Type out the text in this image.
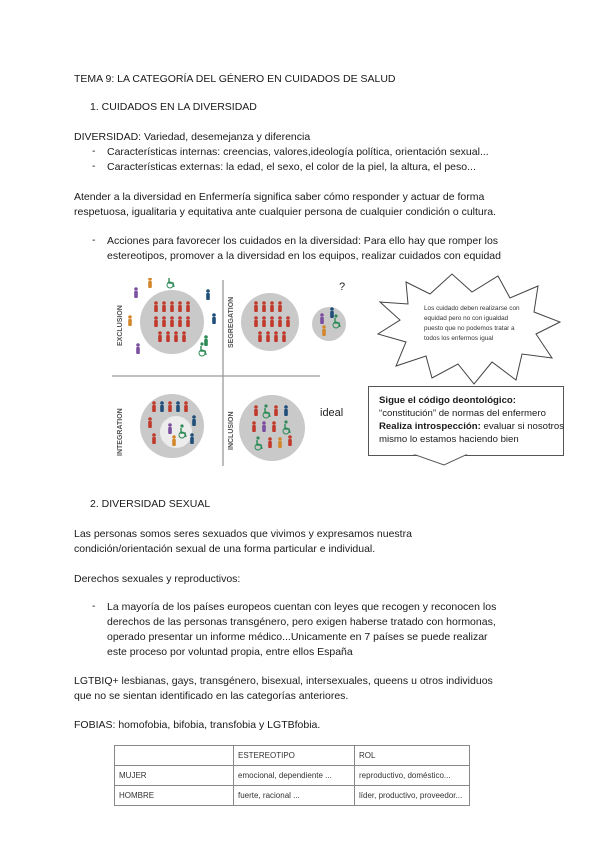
TEMA 9: LA CATEGORÍA DEL GÉNERO EN CUIDADOS DE SALUD
1. CUIDADOS EN LA DIVERSIDAD
DIVERSIDAD: Variedad, desemejanza y diferencia
- Características internas: creencias, valores,ideología política, orientación sexual...
- Características externas: la edad, el sexo, el color de la piel, la altura, el peso...
Atender a la diversidad en Enfermería significa saber cómo responder y actuar de forma
respetuosa, igualitaria y equitativa ante cualquier persona de cualquier condición o cultura.
- Acciones para favorecer los cuidados en la diversidad: Para ello hay que romper los
estereotipos, promover a la diversidad en los equipos, realizar cuidados con equidad
EXCLUSION	SEGREGATION
INTEGRATION	INCLUSION
?
ideal
Los cuidado deben realizarse con
equidad pero no con igualdad
puesto que no podemos tratar a
todos los enfermos igual
Sigue el código deontológico:
“constitución” de normas del enfermero
Realiza introspección: evaluar si nosotros
mismo lo estamos haciendo bien
2. DIVERSIDAD SEXUAL
Las personas somos seres sexuados que vivimos y expresamos nuestra
condición/orientación sexual de una forma particular e individual.
Derechos sexuales y reproductivos:
- La mayoría de los países europeos cuentan con leyes que recogen y reconocen los
derechos de las personas transgénero, pero exigen haberse tratado con hormonas,
operado presentar un informe médico...Unicamente en 7 países se puede realizar
este proceso por voluntad propia, entre ellos España
LGTBIQ+ lesbianas, gays, transgénero, bisexual, intersexuales, queens u otros individuos
que no se sientan identificado en las categorías anteriores.
FOBIAS: homofobia, bifobia, transfobia y LGTBfobia.
	ESTEREOTIPO	ROL
MUJER	emocional, dependiente ...	reproductivo, doméstico...
HOMBRE	fuerte, racional ...	líder, productivo, proveedor...
